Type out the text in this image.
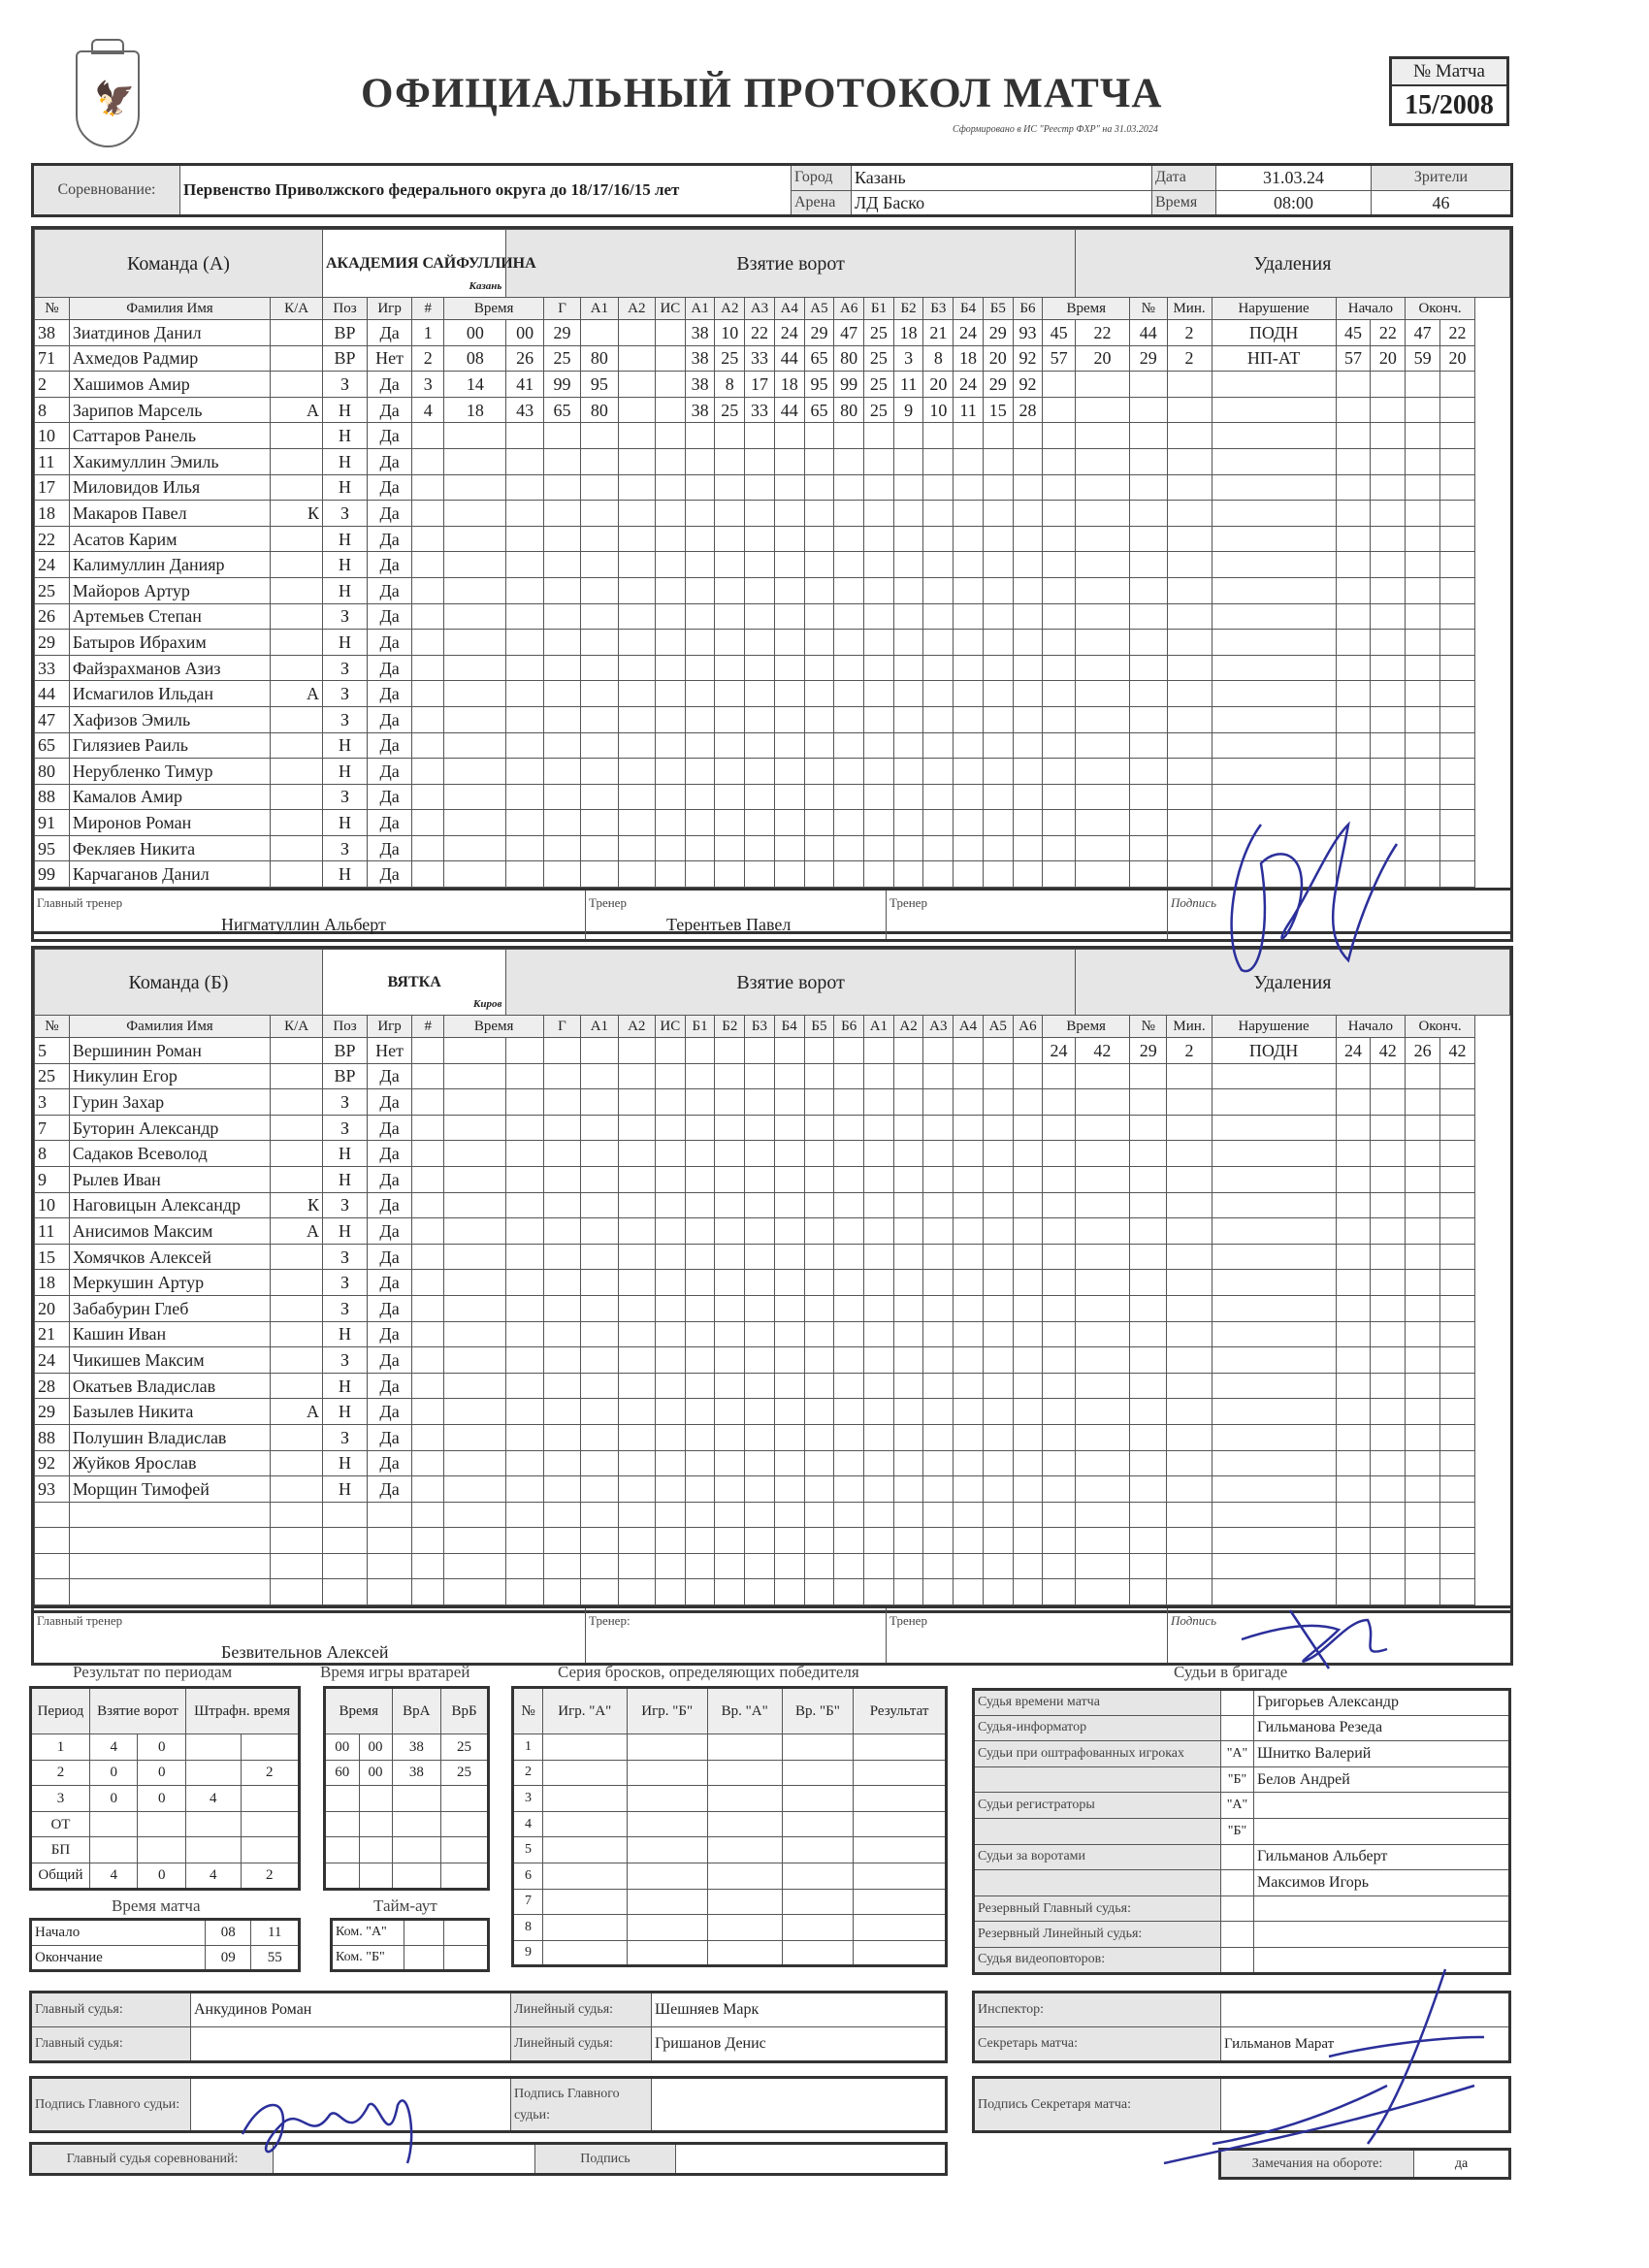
🦅	ОФИЦИАЛЬНЫЙ ПРОТОКОЛ МАТЧА
Сформировано в ИС "Реестр ФХР" на 31.03.2024
№ Матча
15/2008
Соревнование:	Первенство Приволжского федерального округа до 18/17/16/15 лет	Город	Казань	Дата	31.03.24	Зрители
		Арена	ЛД Баско	Время	08:00	46
Команда (А)			АКАДЕМИЯ САЙФУЛЛИНА
Казань				Взятие ворот																		Удаления							
№	Фамилия Имя	К/А	Поз	Игр	#	Время		Г	А1	А2	ИС	А1	А2	А3	А4	А5	А6	Б1	Б2	Б3	Б4	Б5	Б6	Время		№	Мин.	Нарушение	Начало		Оконч.	
38	Зиатдинов Данил		ВР	Да	1	00	00	29				38	10	22	24	29	47	25	18	21	24	29	93	45	22	44	2	ПОДН	45	22	47	22
71	Ахмедов Радмир		ВР	Нет	2	08	26	25	80			38	25	33	44	65	80	25	3	8	18	20	92	57	20	29	2	НП-АТ	57	20	59	20
2	Хашимов Амир		З	Да	3	14	41	99	95			38	8	17	18	95	99	25	11	20	24	29	92									
8	Зарипов Марсель	А	Н	Да	4	18	43	65	80			38	25	33	44	65	80	25	9	10	11	15	28									
10	Саттаров Ранель		Н	Да																												
11	Хакимуллин Эмиль		Н	Да																												
17	Миловидов Илья		Н	Да																												
18	Макаров Павел	К	З	Да																												
22	Асатов Карим		Н	Да																												
24	Калимуллин Данияр		Н	Да																												
25	Майоров Артур		Н	Да																												
26	Артемьев Степан		З	Да																												
29	Батыров Ибрахим		Н	Да																												
33	Файзрахманов Азиз		З	Да																												
44	Исмагилов Ильдан	А	З	Да																												
47	Хафизов Эмиль		З	Да																												
65	Гилязиев Раиль		Н	Да																												
80	Нерубленко Тимур		Н	Да																												
88	Камалов Амир		З	Да																												
91	Миронов Роман		Н	Да																												
95	Фекляев Никита		З	Да																												
99	Карчаганов Данил		Н	Да																												
Главный тренер
Нигматуллин Альберт
	Тренер
Терентьев Павел
	Тренер	Подпись
Команда (Б)			ВЯТКА
Киров				Взятие ворот																		Удаления							
№	Фамилия Имя	К/А	Поз	Игр	#	Время		Г	А1	А2	ИС	Б1	Б2	Б3	Б4	Б5	Б6	А1	А2	А3	А4	А5	А6	Время		№	Мин.	Нарушение	Начало		Оконч.	
5	Вершинин Роман		ВР	Нет																				24	42	29	2	ПОДН	24	42	26	42
25	Никулин Егор		ВР	Да																												
3	Гурин Захар		З	Да																												
7	Буторин Александр		З	Да																												
8	Садаков Всеволод		Н	Да																												
9	Рылев Иван		Н	Да																												
10	Наговицын Александр	К	З	Да																												
11	Анисимов Максим	А	Н	Да																												
15	Хомячков Алексей		З	Да																												
18	Меркушин Артур		З	Да																												
20	Забабурин Глеб		З	Да																												
21	Кашин Иван		Н	Да																												
24	Чикишев Максим		З	Да																												
28	Окатьев Владислав		Н	Да																												
29	Базылев Никита	А	Н	Да																												
88	Полушин Владислав		З	Да																												
92	Жуйков Ярослав		Н	Да																												
93	Морщин Тимофей		Н	Да																												

Главный тренер
Безвительнов Алексей
	Тренер:	Тренер	Подпись
Результат по периодам	Время игры вратарей	Серия бросков, определяющих победителя	Судьи в бригаде
Период	Взятие ворот		Штрафн. время	
1	4	0		
2	0	0		2
3	0	0	4	
ОТ				
БП				
Общий	4	0	4	2
Время		ВрА	ВрБ
00	00	38	25
60	00	38	25

Время матча
Начало	08	11
Окончание	09	55
Тайм-аут
Ком. "А"		
Ком. "Б"		
№	Игр. "А"	Игр. "Б"	Вр. "А"	Вр. "Б"	Результат
1					
2					
3					
4					
5					
6					
7					
8					
9					
Судья времени матча		Григорьев Александр
Судья-информатор		Гильманова Резеда
Судьи при оштрафованных игроках	"А"	Шнитко Валерий
	"Б"	Белов Андрей
Судьи регистраторы	"А"	
	"Б"	
Судьи за воротами		Гильманов Альберт
		Максимов Игорь
Резервный Главный судья:		
Резервный Линейный судья:		
Судья видеоповторов:		
Главный судья:	Анкудинов Роман	Линейный судья:	Шешняев Марк
Главный судья:		Линейный судья:	Гришанов Денис
Подпись Главного судьи:		Подпись Главного судьи:	
Главный судья соревнований:		Подпись	
Инспектор:	
Секретарь матча:	Гильманов Марат
Подпись Секретаря матча:	
Замечания на обороте:	да
